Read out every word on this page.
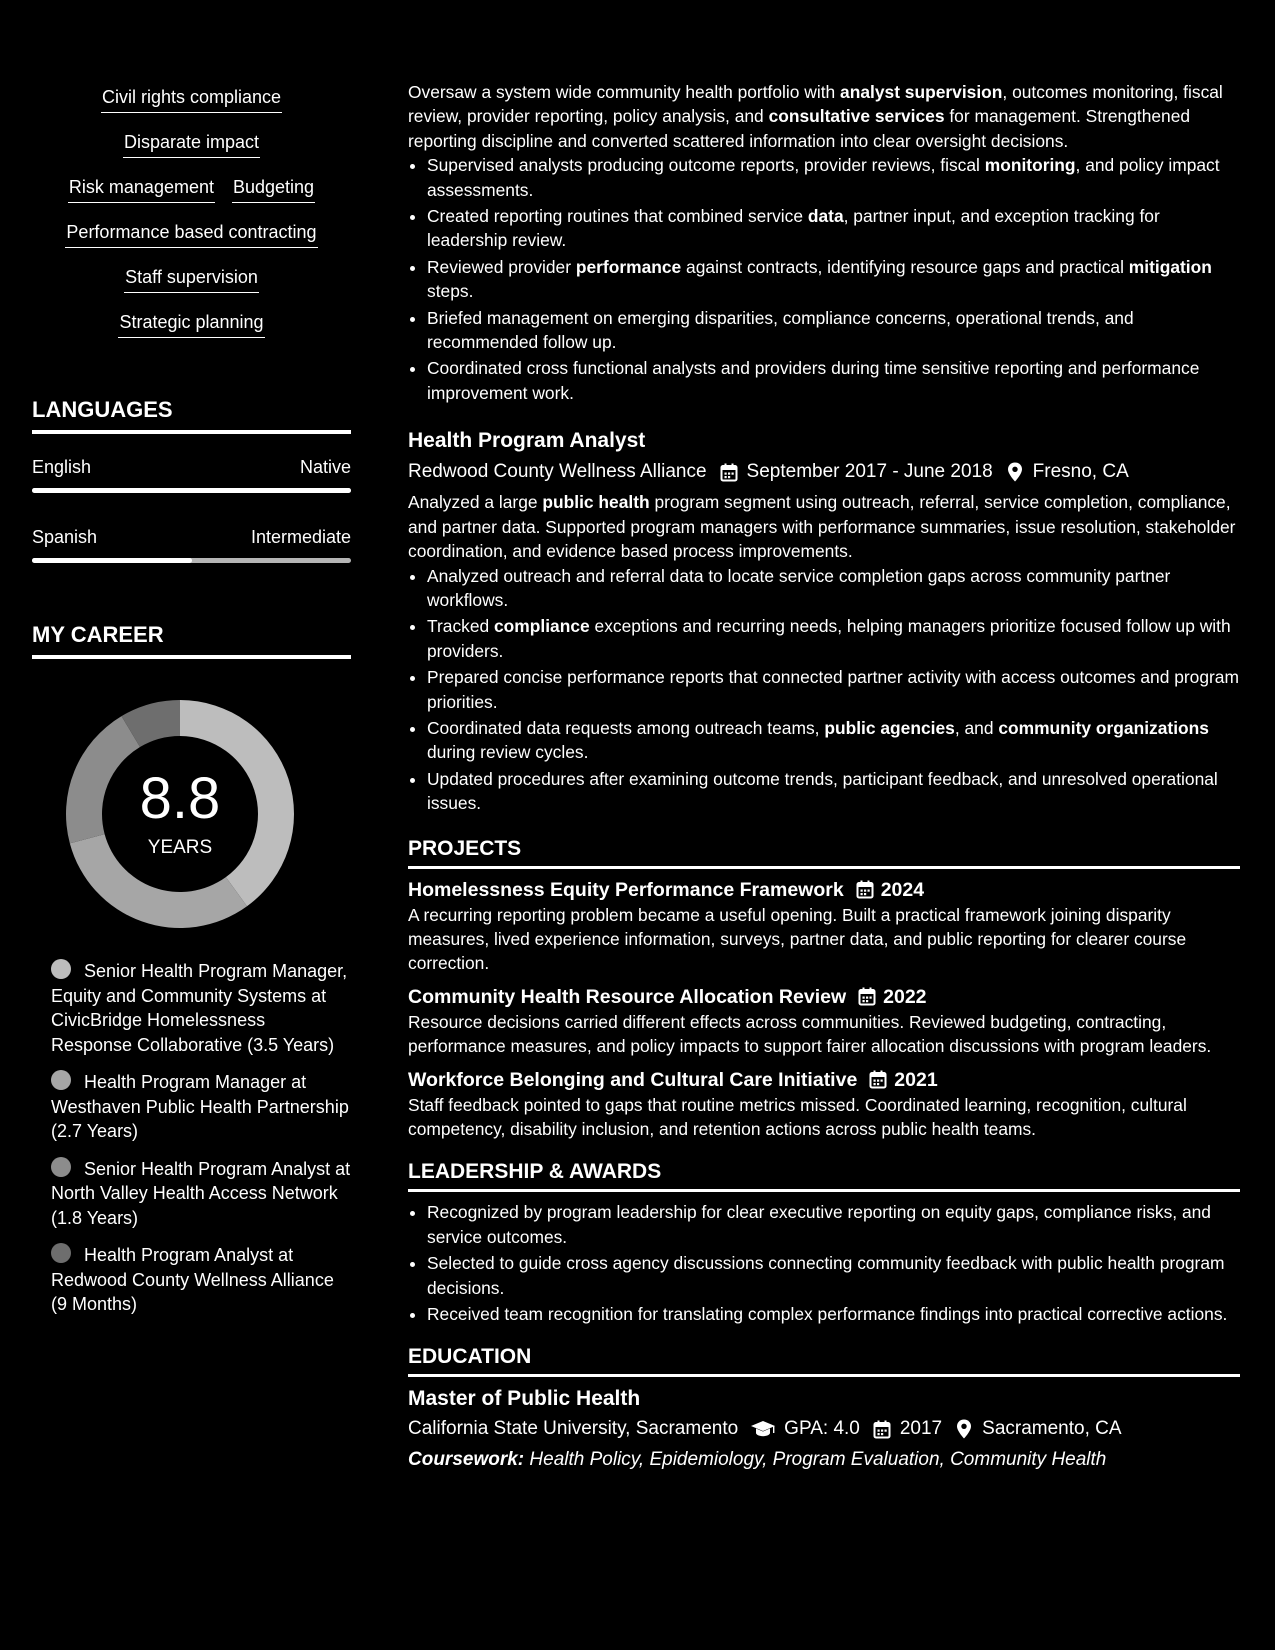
Civil rights compliance
Disparate impact
Risk management Budgeting
Performance based contracting
Staff supervision
Strategic planning
LANGUAGES
English	Native
Spanish	Intermediate
MY CAREER
8.8
YEARS
Senior Health Program Manager, Equity and Community Systems at CivicBridge Homelessness Response Collaborative (3.5 Years)
Health Program Manager at Westhaven Public Health Partnership (2.7 Years)
Senior Health Program Analyst at North Valley Health Access Network (1.8 Years)
Health Program Analyst at Redwood County Wellness Alliance (9 Months)

Oversaw a system wide community health portfolio with analyst supervision, outcomes monitoring, fiscal review, provider reporting, policy analysis, and consultative services for management. Strengthened reporting discipline and converted scattered information into clear oversight decisions.

• Supervised analysts producing outcome reports, provider reviews, fiscal monitoring, and policy impact assessments.
• Created reporting routines that combined service data, partner input, and exception tracking for leadership review.
• Reviewed provider performance against contracts, identifying resource gaps and practical mitigation steps.
• Briefed management on emerging disparities, compliance concerns, operational trends, and recommended follow up.
• Coordinated cross functional analysts and providers during time sensitive reporting and performance improvement work.
Health Program Analyst
Redwood County Wellness Alliance September 2017 - June 2018 Fresno, CA

Analyzed a large public health program segment using outreach, referral, service completion, compliance, and partner data. Supported program managers with performance summaries, issue resolution, stakeholder coordination, and evidence based process improvements.

• Analyzed outreach and referral data to locate service completion gaps across community partner workflows.
• Tracked compliance exceptions and recurring needs, helping managers prioritize focused follow up with providers.
• Prepared concise performance reports that connected partner activity with access outcomes and program priorities.
• Coordinated data requests among outreach teams, public agencies, and community organizations during review cycles.
• Updated procedures after examining outcome trends, participant feedback, and unresolved operational issues.
PROJECTS
Homelessness Equity Performance Framework 2024

A recurring reporting problem became a useful opening. Built a practical framework joining disparity measures, lived experience information, surveys, partner data, and public reporting for clearer course correction.

Community Health Resource Allocation Review 2022

Resource decisions carried different effects across communities. Reviewed budgeting, contracting, performance measures, and policy impacts to support fairer allocation discussions with program leaders.

Workforce Belonging and Cultural Care Initiative 2021

Staff feedback pointed to gaps that routine metrics missed. Coordinated learning, recognition, cultural competency, disability inclusion, and retention actions across public health teams.

LEADERSHIP & AWARDS
• Recognized by program leadership for clear executive reporting on equity gaps, compliance risks, and service outcomes.
• Selected to guide cross agency discussions connecting community feedback with public health program decisions.
• Received team recognition for translating complex performance findings into practical corrective actions.
EDUCATION
Master of Public Health
California State University, Sacramento GPA: 4.0 2017 Sacramento, CA
Coursework: Health Policy, Epidemiology, Program Evaluation, Community Health
